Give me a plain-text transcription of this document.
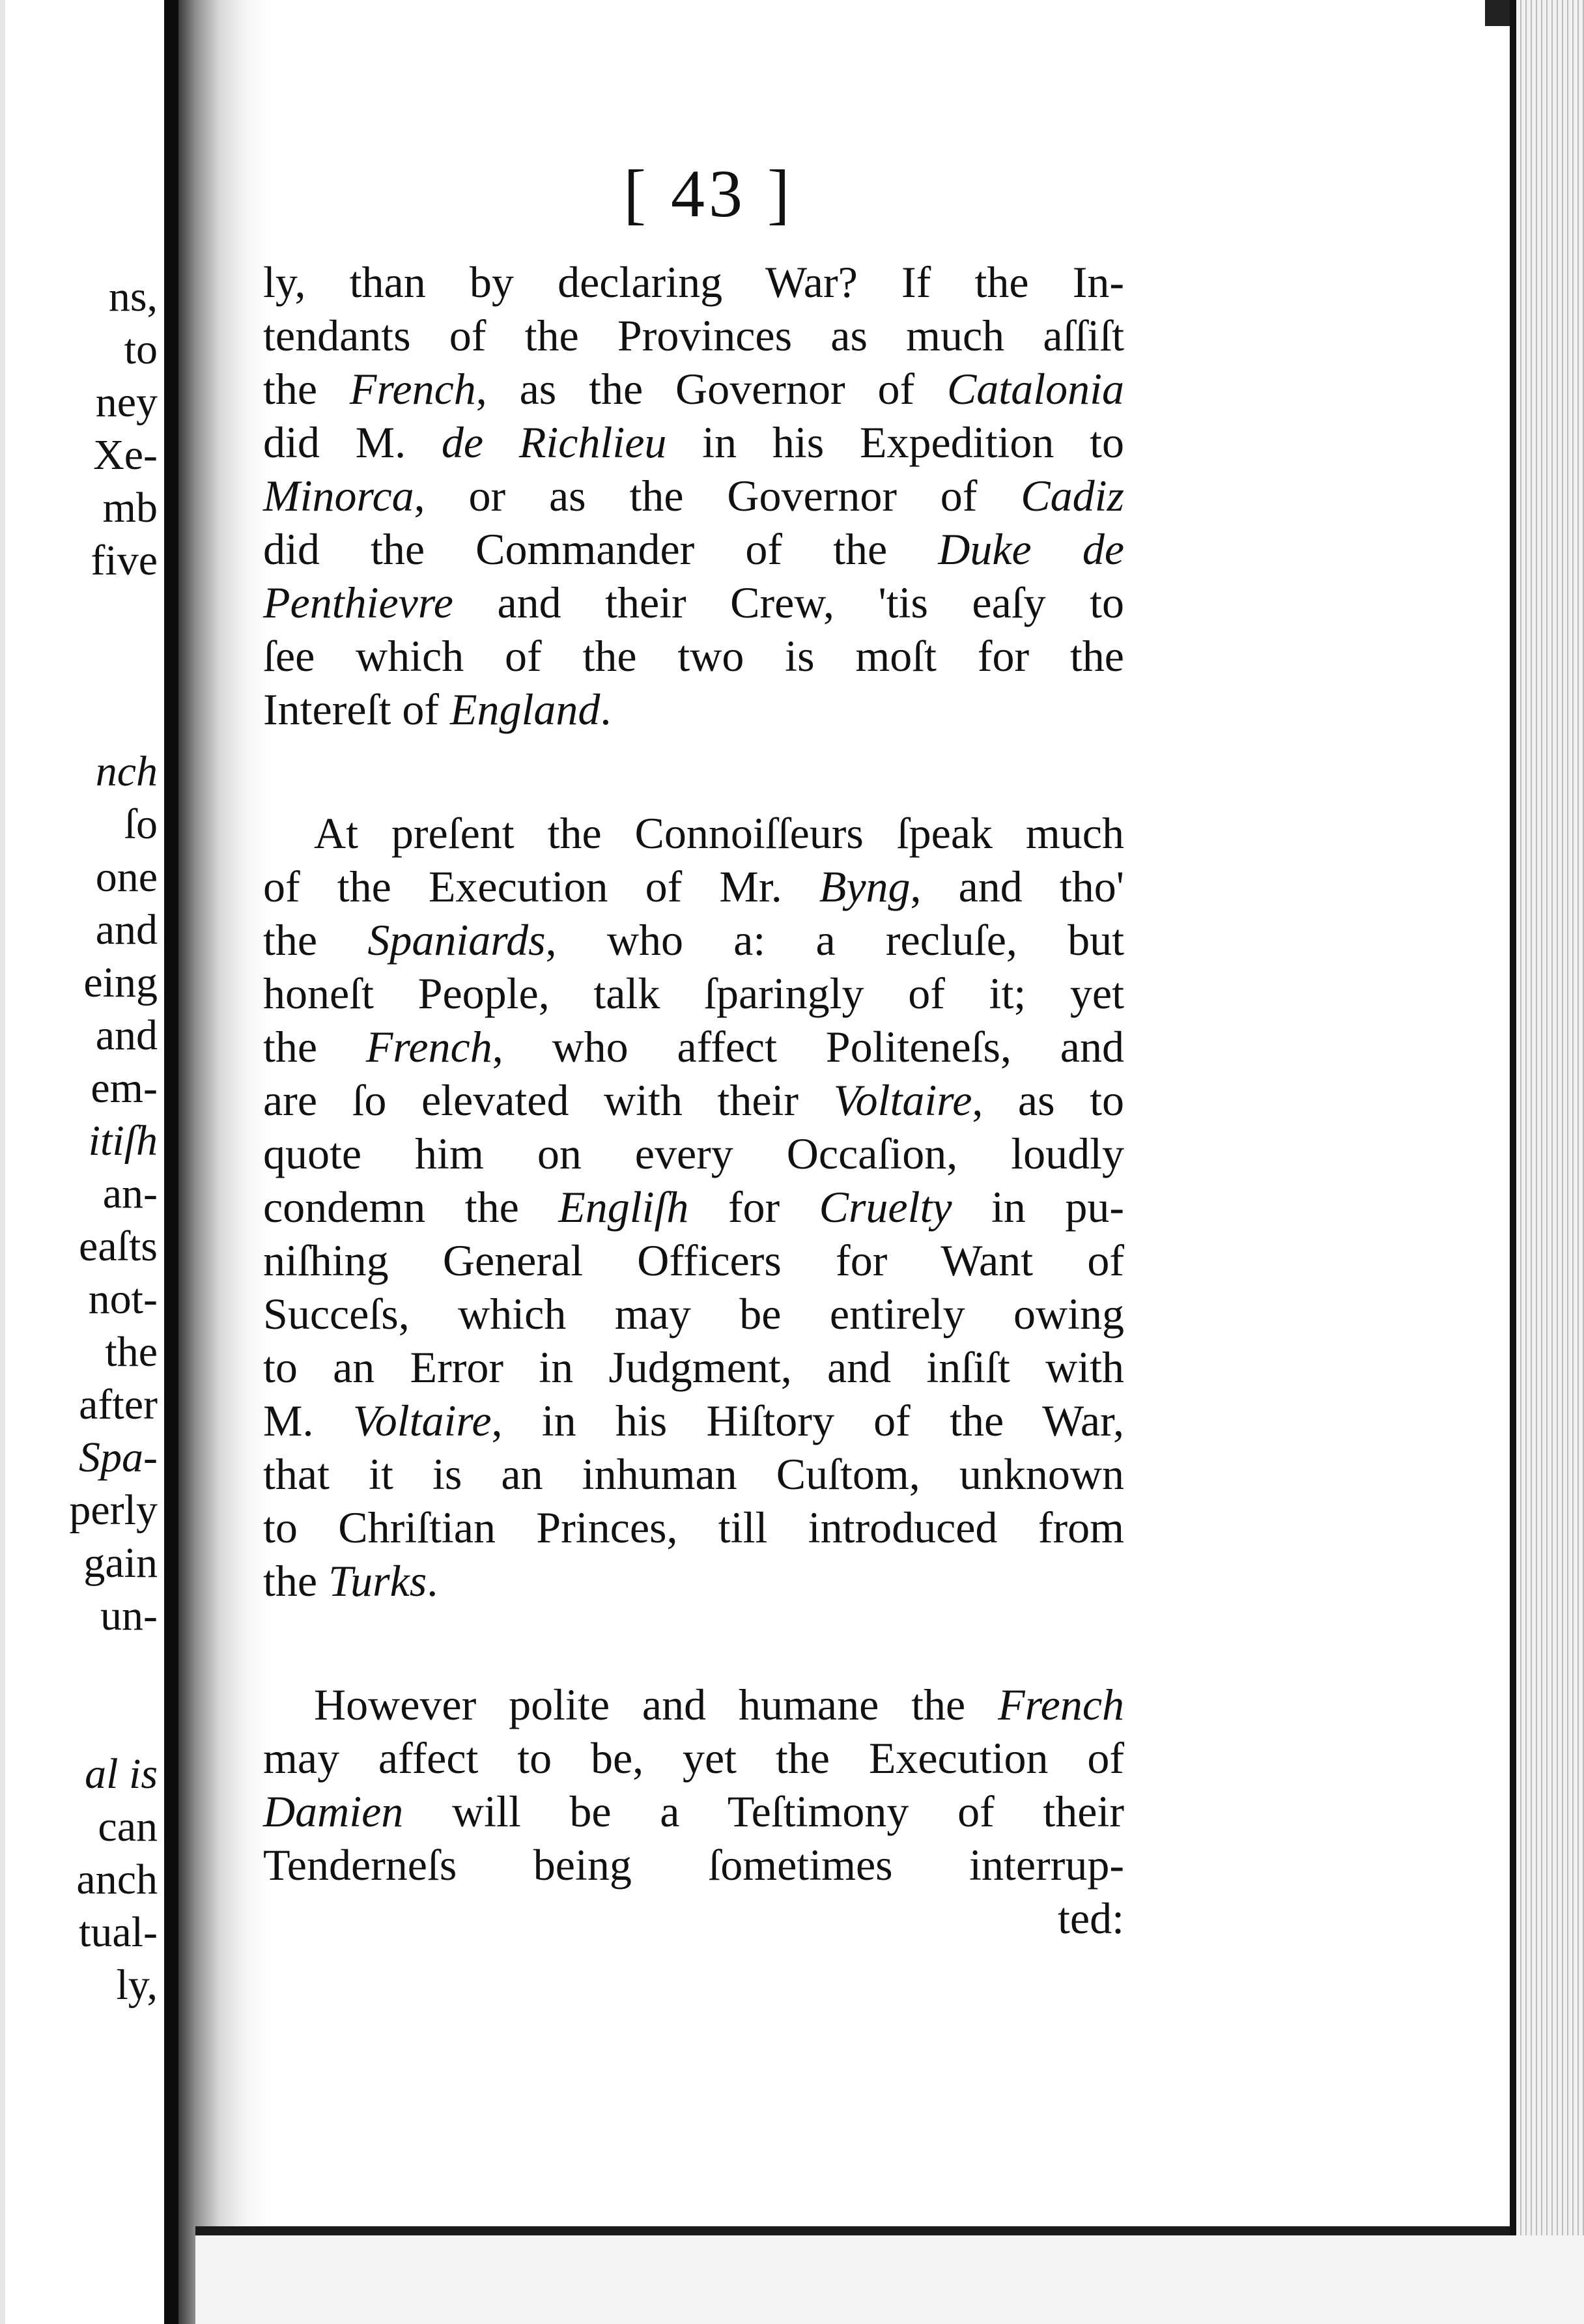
ns,
to
ney
Xe-
mb
five
nch
ſo
one
and
eing
and
em-
itiſh
an-
eaſts
not-
the
after
Spa-
perly
gain
un-
al is
can
anch
tual-
ly,
[ 43 ]
ly, than by declaring War? If the In-
tendants of the Provinces as much aſſiſt
the French, as the Governor of Catalonia
did M. de Richlieu in his Expedition to
Minorca, or as the Governor of Cadiz
did the Commander of the Duke de
Penthievre and their Crew, 'tis eaſy to
ſee which of the two is moſt for the
Intereſt of England.
At preſent the Connoiſſeurs ſpeak much
of the Execution of Mr. Byng, and tho'
the Spaniards, who a: a recluſe, but
honeſt People, talk ſparingly of it; yet
the French, who affect Politeneſs, and
are ſo elevated with their Voltaire, as to
quote him on every Occaſion, loudly
condemn the Engliſh for Cruelty in pu-
niſhing General Officers for Want of
Succeſs, which may be entirely owing
to an Error in Judgment, and inſiſt with
M. Voltaire, in his Hiſtory of the War,
that it is an inhuman Cuſtom, unknown
to Chriſtian Princes, till introduced from
the Turks.
However polite and humane the French
may affect to be, yet the Execution of
Damien will be a Teſtimony of their
Tenderneſs being ſometimes interrup-
ted:
